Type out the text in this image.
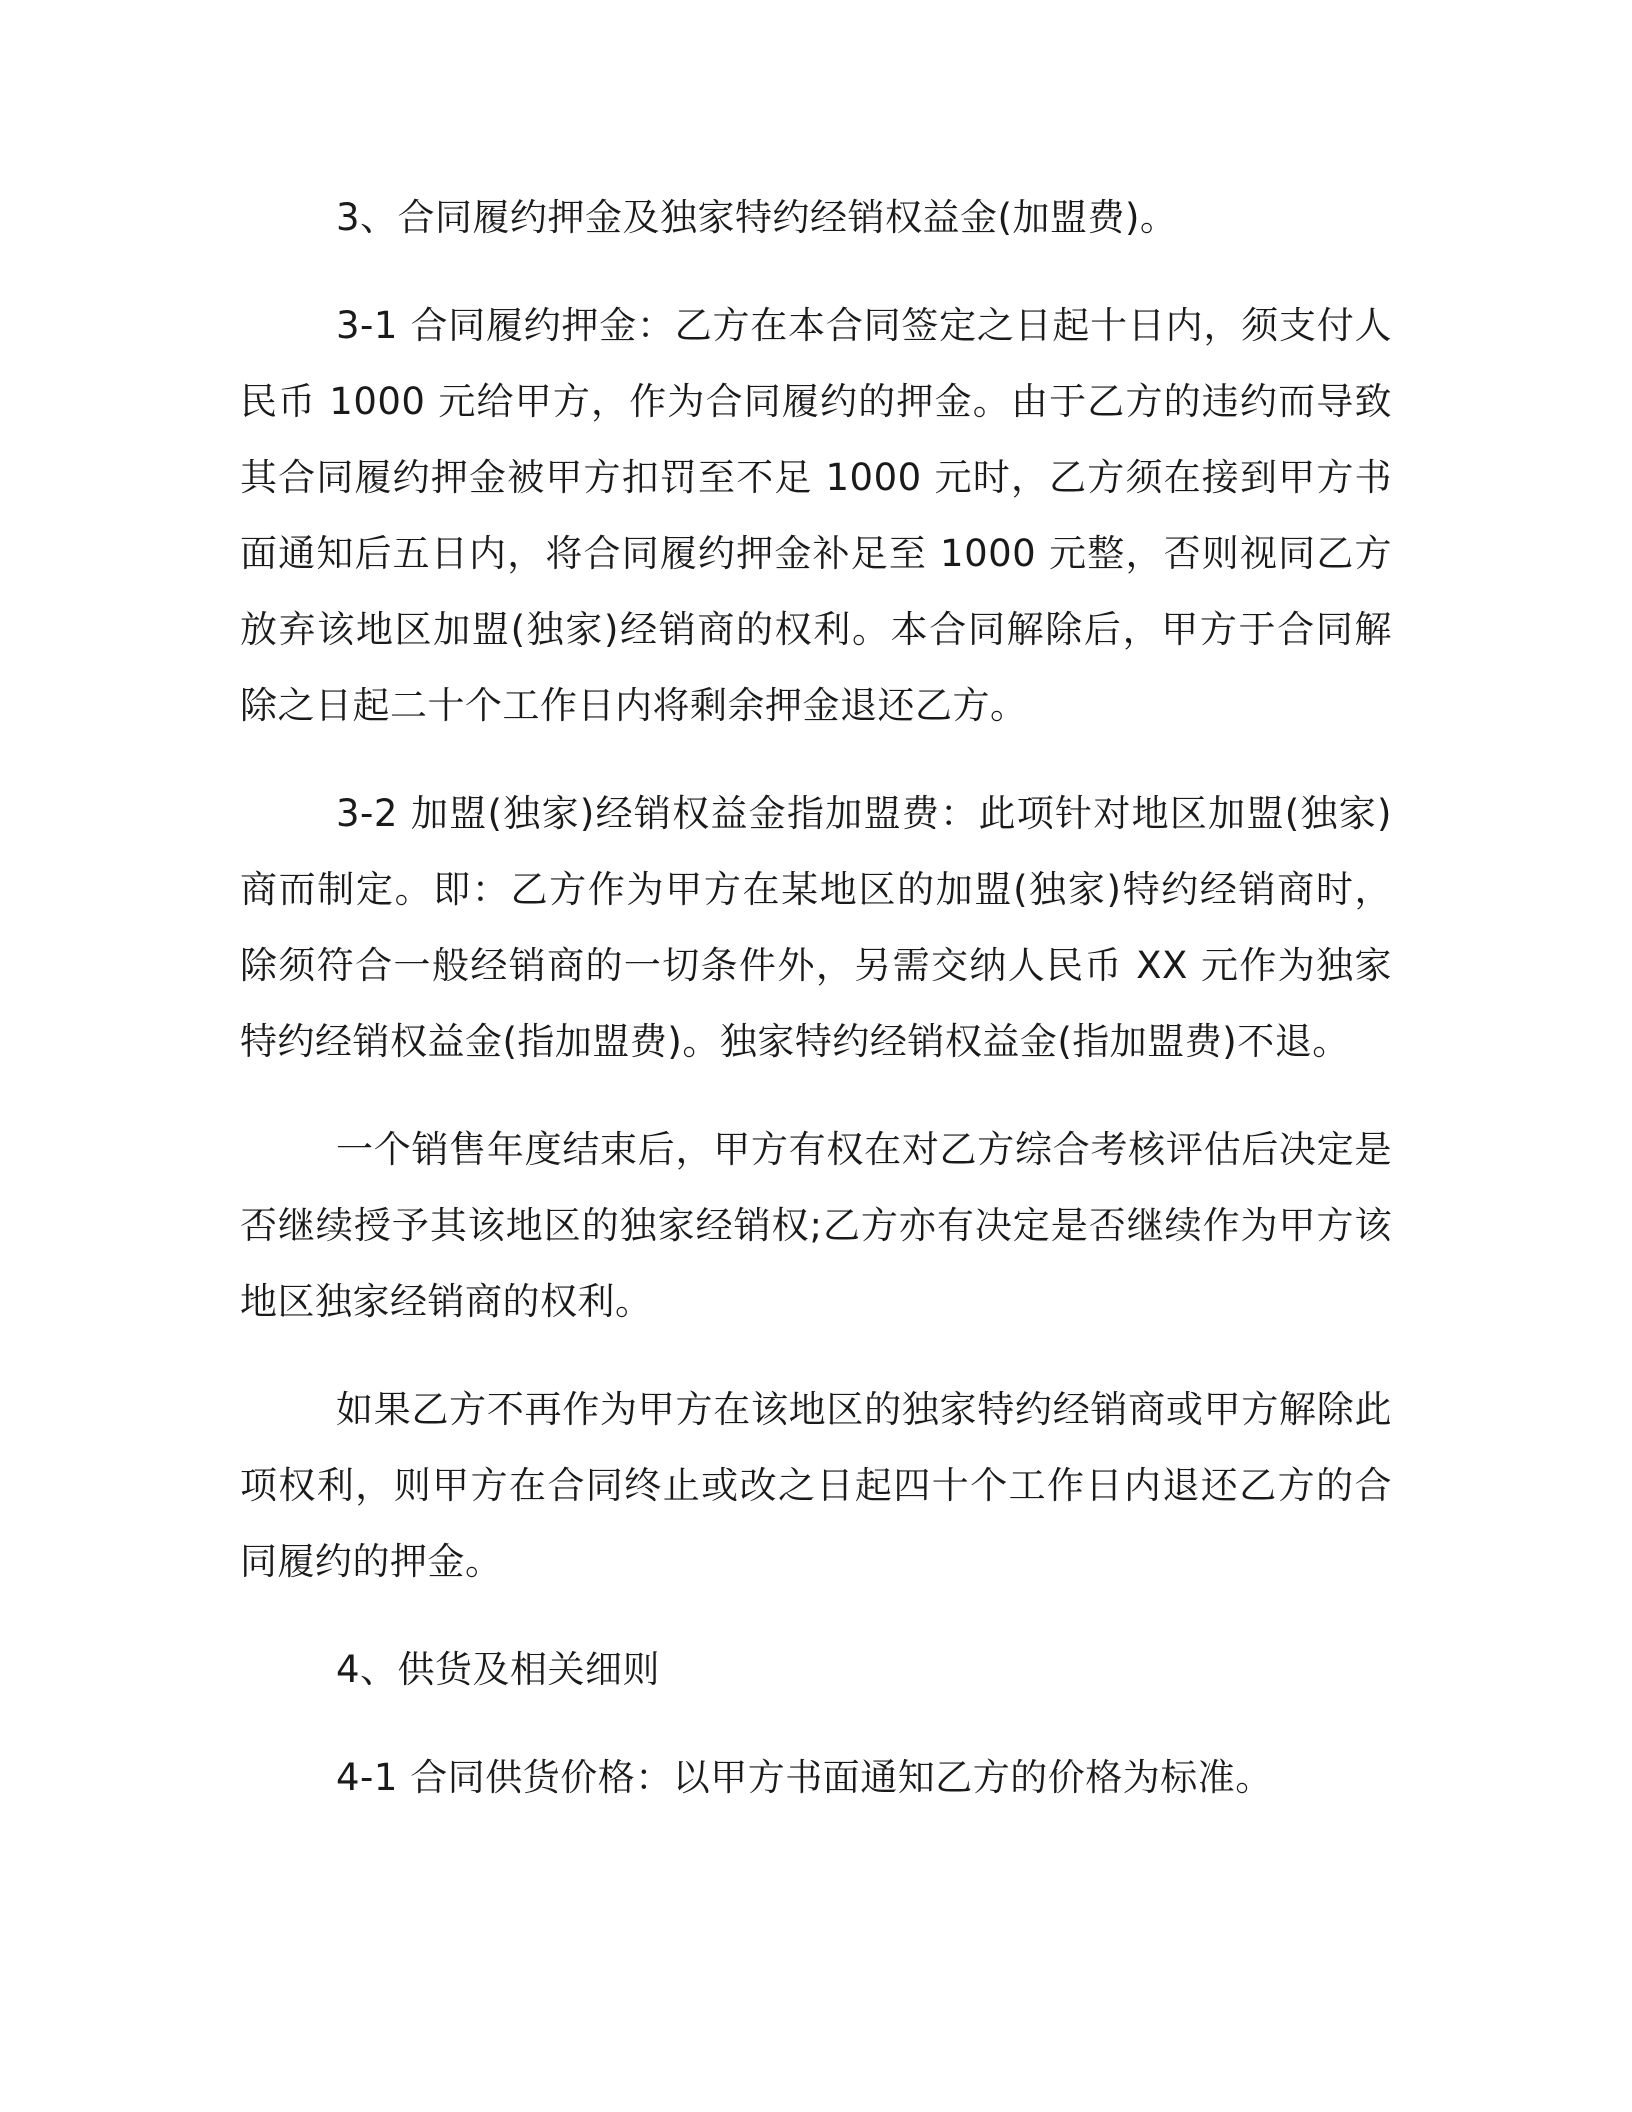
3、合同履约押金及独家特约经销权益金(加盟费)。

3-1 合同履约押金：乙方在本合同签定之日起十日内，须支付人民币 1000 元给甲方，作为合同履约的押金。由于乙方的违约而导致其合同履约押金被甲方扣罚至不足 1000 元时，乙方须在接到甲方书面通知后五日内，将合同履约押金补足至 1000 元整，否则视同乙方放弃该地区加盟(独家)经销商的权利。本合同解除后，甲方于合同解除之日起二十个工作日内将剩余押金退还乙方。

3-2 加盟(独家)经销权益金指加盟费：此项针对地区加盟(独家)商而制定。即：乙方作为甲方在某地区的加盟(独家)特约经销商时，除须符合一般经销商的一切条件外，另需交纳人民币 XX 元作为独家特约经销权益金(指加盟费)。独家特约经销权益金(指加盟费)不退。

一个销售年度结束后，甲方有权在对乙方综合考核评估后决定是否继续授予其该地区的独家经销权;乙方亦有决定是否继续作为甲方该地区独家经销商的权利。

如果乙方不再作为甲方在该地区的独家特约经销商或甲方解除此项权利，则甲方在合同终止或改之日起四十个工作日内退还乙方的合同履约的押金。

4、供货及相关细则

4-1 合同供货价格：以甲方书面通知乙方的价格为标准。
